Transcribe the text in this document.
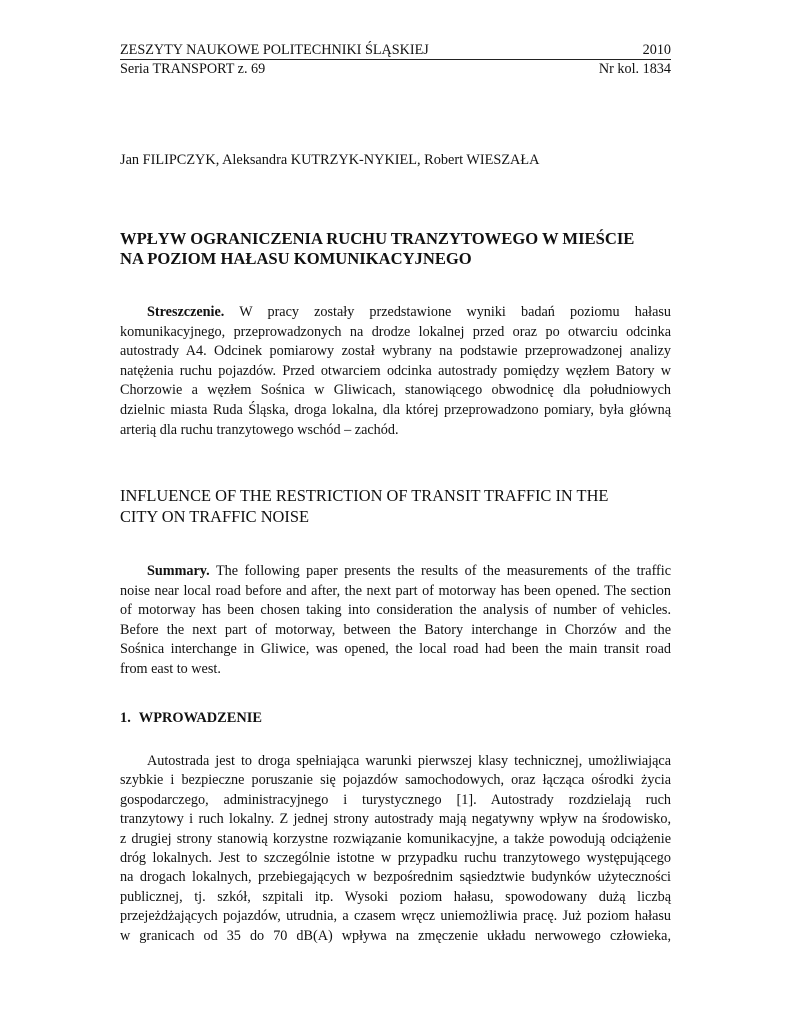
ZESZYTY NAUKOWE POLITECHNIKI ŚLĄSKIEJ	2010
Seria TRANSPORT z. 69	Nr kol. 1834
Jan FILIPCZYK, Aleksandra KUTRZYK-NYKIEL, Robert WIESZAŁA
WPŁYW OGRANICZENIA RUCHU TRANZYTOWEGO W MIEŚCIE
NA POZIOM HAŁASU KOMUNIKACYJNEGO
Streszczenie. W pracy zostały przedstawione wyniki badań poziomu hałasu
komunikacyjnego, przeprowadzonych na drodze lokalnej przed oraz po otwarciu odcinka
autostrady A4. Odcinek pomiarowy został wybrany na podstawie przeprowadzonej analizy
natężenia ruchu pojazdów. Przed otwarciem odcinka autostrady pomiędzy węzłem Batory w
Chorzowie a węzłem Sośnica w Gliwicach, stanowiącego obwodnicę dla południowych
dzielnic miasta Ruda Śląska, droga lokalna, dla której przeprowadzono pomiary, była główną
arterią dla ruchu tranzytowego wschód – zachód.
INFLUENCE OF THE RESTRICTION OF TRANSIT TRAFFIC IN THE
CITY ON TRAFFIC NOISE
Summary. The following paper presents the results of the measurements of the traffic
noise near local road before and after, the next part of motorway has been opened. The section
of motorway has been chosen taking into consideration the analysis of number of vehicles.
Before the next part of motorway, between the Batory interchange in Chorzów and the
Sośnica interchange in Gliwice, was opened, the local road had been the main transit road
from east to west.
1. WPROWADZENIE
Autostrada jest to droga spełniająca warunki pierwszej klasy technicznej, umożliwiająca
szybkie i bezpieczne poruszanie się pojazdów samochodowych, oraz łącząca ośrodki życia
gospodarczego, administracyjnego i turystycznego [1]. Autostrady rozdzielają ruch
tranzytowy i ruch lokalny. Z jednej strony autostrady mają negatywny wpływ na środowisko,
z drugiej strony stanowią korzystne rozwiązanie komunikacyjne, a także powodują odciążenie
dróg lokalnych. Jest to szczególnie istotne w przypadku ruchu tranzytowego występującego
na drogach lokalnych, przebiegających w bezpośrednim sąsiedztwie budynków użyteczności
publicznej, tj. szkół, szpitali itp. Wysoki poziom hałasu, spowodowany dużą liczbą
przejeżdżających pojazdów, utrudnia, a czasem wręcz uniemożliwia pracę. Już poziom hałasu
w granicach od 35 do 70 dB(A) wpływa na zmęczenie układu nerwowego człowieka,
